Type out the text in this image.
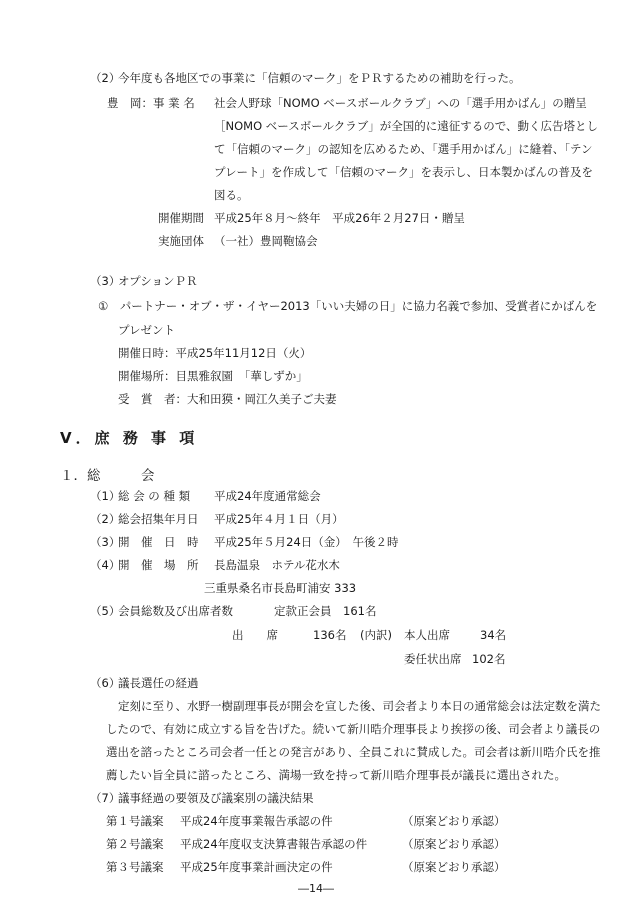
（2）
今年度も各地区での事業に「信頼のマーク」をＰＲするための補助を行った。
豊　岡：事 業 名 社会人野球「NOMO ベースボールクラブ」への「選手用かばん」の贈呈
［NOMO ベースボールクラブ」が全国的に遠征するので、動く広告塔とし
て「信頼のマーク」の認知を広めるため、「選手用かばん」に縫着、「テン
プレート」を作成して「信頼のマーク」を表示し、日本製かばんの普及を
図る。
開催期間 平成25年８月～終年　平成26年２月27日・贈呈
実施団体 （一社）豊岡鞄協会
（3）
オプションＰＲ
①　パートナー・オブ・ザ・イヤー2013「いい夫婦の日」に協力名義で参加、受賞者にかばんを
プレゼント
開催日時：平成25年11月12日（火）
開催場所：目黒雅叙園　「華しずか」
受　賞　者：大和田獏・岡江久美子ご夫妻
Ⅴ．庶 務 事 項
１．総　　　会
（1）
総 会 の 種 類 平成24年度通常総会
（2）
総会招集年月日 平成25年４月１日（月）
（3）
開　催　日　時 平成25年５月24日（金）　午後２時
（4）
開　催　場　所 長島温泉　ホテル花水木
三重県桑名市長島町浦安 333
（5）
会員総数及び出席者数	定款正会員 161名
出　　席	136名 (内訳) 本人出席	34名
委任状出席 102名
（6）
議長選任の経過
定刻に至り、水野一樹副理事長が開会を宣した後、司会者より本日の通常総会は法定数を満た
したので、有効に成立する旨を告げた。続いて新川晧介理事長より挨拶の後、司会者より議長の
選出を諮ったところ司会者一任との発言があり、全員これに賛成した。司会者は新川晧介氏を推
薦したい旨全員に諮ったところ、満場一致を持って新川晧介理事長が議長に選出された。
（7）
議事経過の要領及び議案別の議決結果
第１号議案 平成24年度事業報告承認の件	（原案どおり承認）
第２号議案 平成24年度収支決算書報告承認の件	（原案どおり承認）
第３号議案 平成25年度事業計画決定の件	（原案どおり承認）
―14―
